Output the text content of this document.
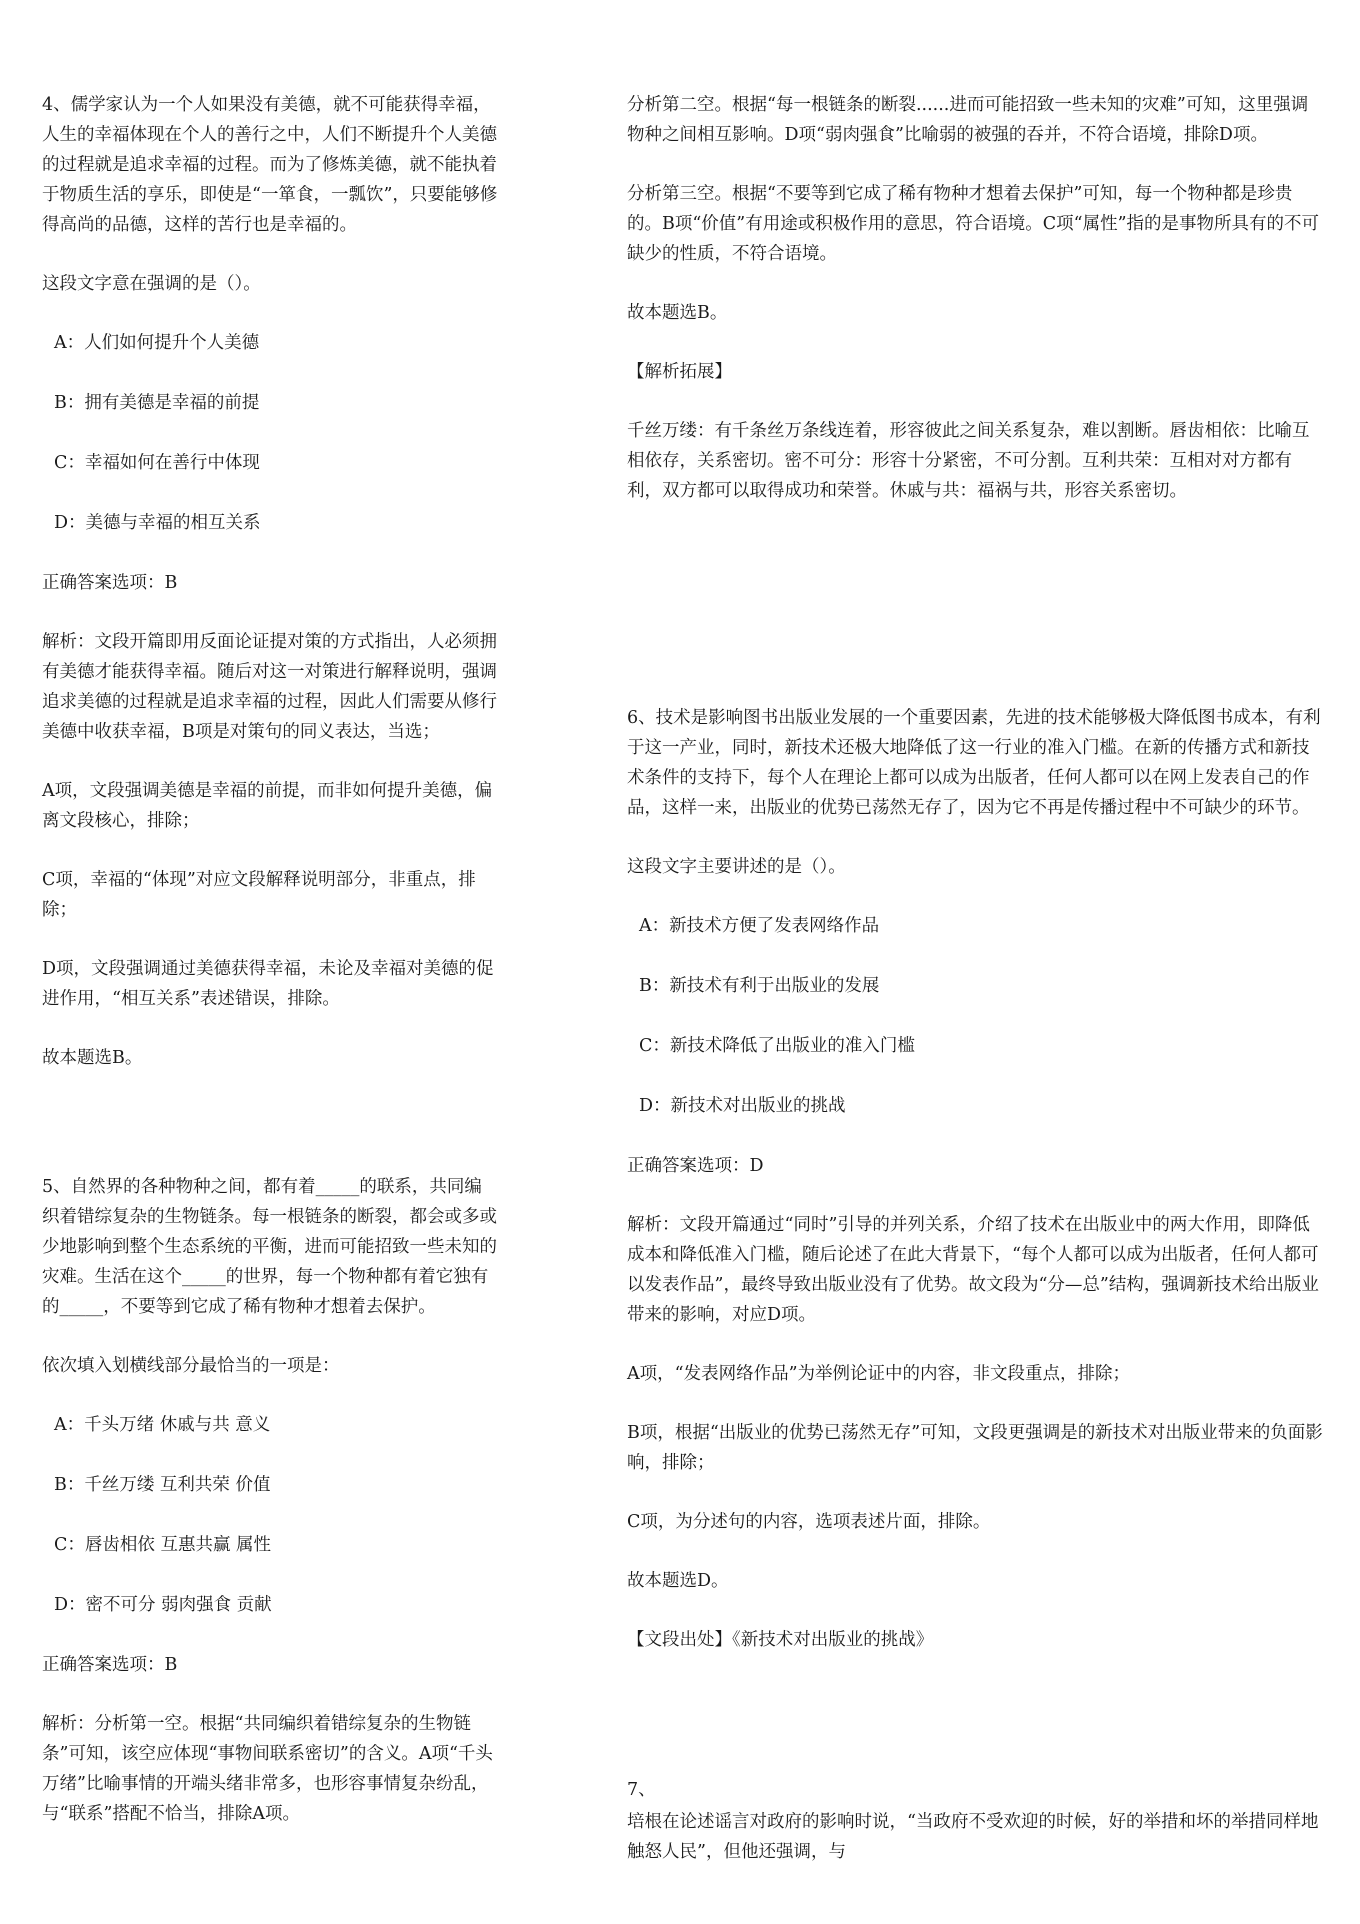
4、儒学家认为一个人如果没有美德，就不可能获得幸福，人生的幸福体现在个人的善行之中，人们不断提升个人美德的过程就是追求幸福的过程。而为了修炼美德，就不能执着于物质生活的享乐，即使是“一箪食，一瓢饮”，只要能够修得高尚的品德，这样的苦行也是幸福的。

这段文字意在强调的是（）。

A：人们如何提升个人美德

B：拥有美德是幸福的前提

C：幸福如何在善行中体现

D：美德与幸福的相互关系

正确答案选项：B

解析：文段开篇即用反面论证提对策的方式指出，人必须拥有美德才能获得幸福。随后对这一对策进行解释说明，强调追求美德的过程就是追求幸福的过程，因此人们需要从修行美德中收获幸福，B项是对策句的同义表达，当选；

A项，文段强调美德是幸福的前提，而非如何提升美德，偏离文段核心，排除；

C项，幸福的“体现”对应文段解释说明部分，非重点，排除；

D项，文段强调通过美德获得幸福，未论及幸福对美德的促进作用，“相互关系”表述错误，排除。

故本题选B。

5、自然界的各种物种之间，都有着_____的联系，共同编织着错综复杂的生物链条。每一根链条的断裂，都会或多或少地影响到整个生态系统的平衡，进而可能招致一些未知的灾难。生活在这个_____的世界，每一个物种都有着它独有的_____，不要等到它成了稀有物种才想着去保护。

依次填入划横线部分最恰当的一项是：

A：千头万绪 休戚与共 意义

B：千丝万缕 互利共荣 价值

C：唇齿相依 互惠共赢 属性

D：密不可分 弱肉强食 贡献

正确答案选项：B

解析：分析第一空。根据“共同编织着错综复杂的生物链条”可知，该空应体现“事物间联系密切”的含义。A项“千头万绪”比喻事情的开端头绪非常多，也形容事情复杂纷乱，与“联系”搭配不恰当，排除A项。

分析第二空。根据“每一根链条的断裂......进而可能招致一些未知的灾难”可知，这里强调物种之间相互影响。D项“弱肉强食”比喻弱的被强的吞并，不符合语境，排除D项。

分析第三空。根据“不要等到它成了稀有物种才想着去保护”可知，每一个物种都是珍贵的。B项“价值”有用途或积极作用的意思，符合语境。C项“属性”指的是事物所具有的不可缺少的性质，不符合语境。

故本题选B。

【解析拓展】

千丝万缕：有千条丝万条线连着，形容彼此之间关系复杂，难以割断。唇齿相依：比喻互相依存，关系密切。密不可分：形容十分紧密，不可分割。互利共荣：互相对对方都有利，双方都可以取得成功和荣誉。休戚与共：福祸与共，形容关系密切。

6、技术是影响图书出版业发展的一个重要因素，先进的技术能够极大降低图书成本，有利于这一产业，同时，新技术还极大地降低了这一行业的准入门槛。在新的传播方式和新技术条件的支持下，每个人在理论上都可以成为出版者，任何人都可以在网上发表自己的作品，这样一来，出版业的优势已荡然无存了，因为它不再是传播过程中不可缺少的环节。

这段文字主要讲述的是（）。

A：新技术方便了发表网络作品

B：新技术有利于出版业的发展

C：新技术降低了出版业的准入门槛

D：新技术对出版业的挑战

正确答案选项：D

解析：文段开篇通过“同时”引导的并列关系，介绍了技术在出版业中的两大作用，即降低成本和降低准入门槛，随后论述了在此大背景下，“每个人都可以成为出版者，任何人都可以发表作品”，最终导致出版业没有了优势。故文段为“分—总”结构，强调新技术给出版业带来的影响，对应D项。

A项，“发表网络作品”为举例论证中的内容，非文段重点，排除；

B项，根据“出版业的优势已荡然无存”可知，文段更强调是的新技术对出版业带来的负面影响，排除；

C项，为分述句的内容，选项表述片面，排除。

故本题选D。

【文段出处】《新技术对出版业的挑战》

7、

培根在论述谣言对政府的影响时说，“当政府不受欢迎的时候，好的举措和坏的举措同样地触怒人民”，但他还强调，与
